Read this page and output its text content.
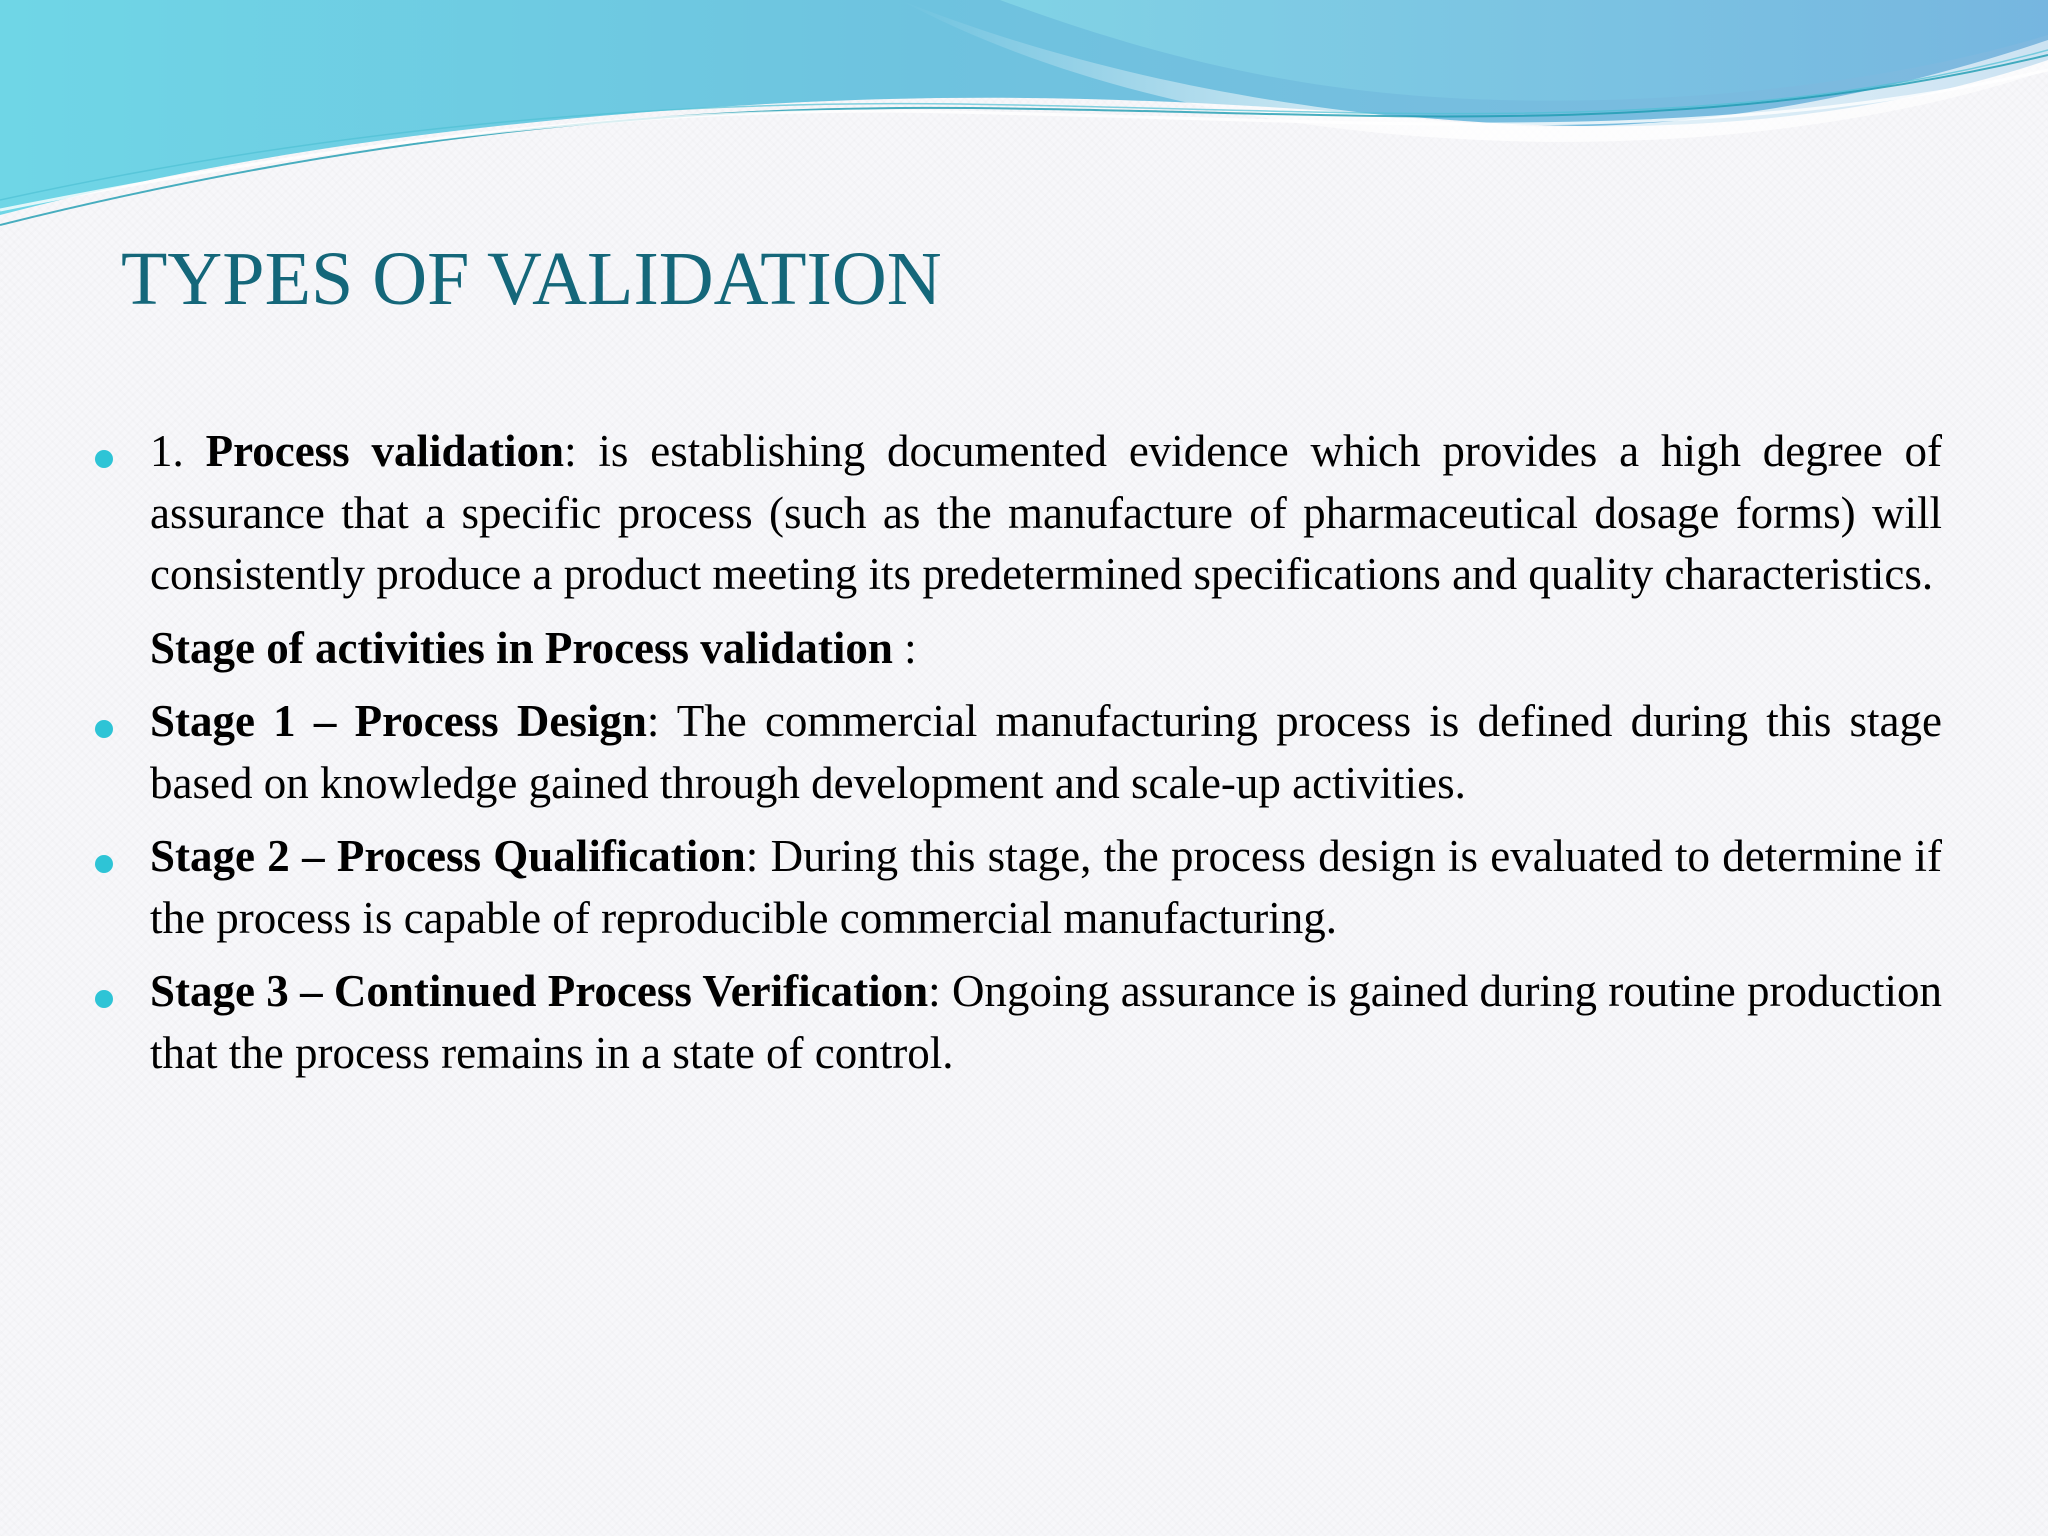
TYPES OF VALIDATION

1. Process validation: is establishing documented evidence which provides a high degree of assurance that a specific process (such as the manufacture of pharmaceutical dosage forms) will consistently produce a product meeting its predetermined specifications and quality characteristics.

Stage of activities in Process validation :

Stage 1 – Process Design: The commercial manufacturing process is defined during this stage based on knowledge gained through development and scale-up activities.

Stage 2 – Process Qualification: During this stage, the process design is evaluated to determine if the process is capable of reproducible commercial manufacturing.

Stage 3 – Continued Process Verification: Ongoing assurance is gained during routine production that the process remains in a state of control.
